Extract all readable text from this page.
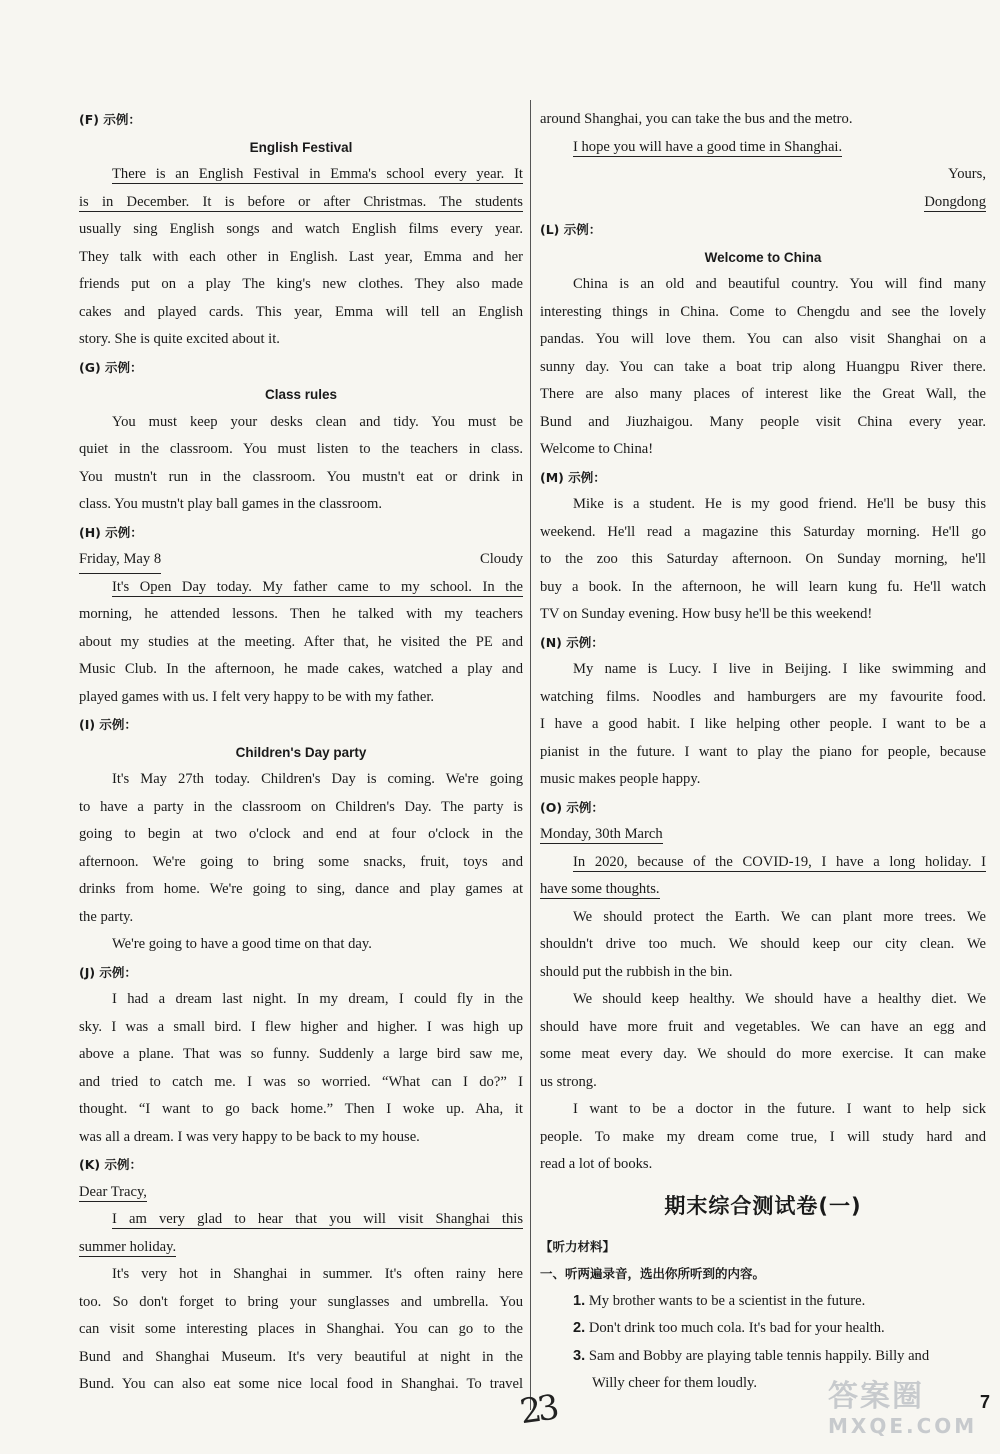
(F) 示例：
English Festival
There is an English Festival in Emma's school every year. It
is in December. It is before or after Christmas. The students
usually sing English songs and watch English films every year.
They talk with each other in English. Last year, Emma and her
friends put on a play The king's new clothes. They also made
cakes and played cards. This year, Emma will tell an English
story. She is quite excited about it.
(G) 示例：
Class rules
You must keep your desks clean and tidy. You must be
quiet in the classroom. You must listen to the teachers in class.
You mustn't run in the classroom. You mustn't eat or drink in
class. You mustn't play ball games in the classroom.
(H) 示例：
Friday, May 8	Cloudy
It's Open Day today. My father came to my school. In the
morning, he attended lessons. Then he talked with my teachers
about my studies at the meeting. After that, he visited the PE and
Music Club. In the afternoon, he made cakes, watched a play and
played games with us. I felt very happy to be with my father.
(I) 示例：
Children's Day party
It's May 27th today. Children's Day is coming. We're going
to have a party in the classroom on Children's Day. The party is
going to begin at two o'clock and end at four o'clock in the
afternoon. We're going to bring some snacks, fruit, toys and
drinks from home. We're going to sing, dance and play games at
the party.
We're going to have a good time on that day.
(J) 示例：
I had a dream last night. In my dream, I could fly in the
sky. I was a small bird. I flew higher and higher. I was high up
above a plane. That was so funny. Suddenly a large bird saw me,
and tried to catch me. I was so worried. “What can I do?” I
thought. “I want to go back home.” Then I woke up. Aha, it
was all a dream. I was very happy to be back to my house.
(K) 示例：
Dear Tracy,
I am very glad to hear that you will visit Shanghai this
summer holiday.
It's very hot in Shanghai in summer. It's often rainy here
too. So don't forget to bring your sunglasses and umbrella. You
can visit some interesting places in Shanghai. You can go to the
Bund and Shanghai Museum. It's very beautiful at night in the
Bund. You can also eat some nice local food in Shanghai. To travel
around Shanghai, you can take the bus and the metro.
I hope you will have a good time in Shanghai.
Yours,
Dongdong
(L) 示例：
Welcome to China
China is an old and beautiful country. You will find many
interesting things in China. Come to Chengdu and see the lovely
pandas. You will love them. You can also visit Shanghai on a
sunny day. You can take a boat trip along Huangpu River there.
There are also many places of interest like the Great Wall, the
Bund and Jiuzhaigou. Many people visit China every year.
Welcome to China!
(M) 示例：
Mike is a student. He is my good friend. He'll be busy this
weekend. He'll read a magazine this Saturday morning. He'll go
to the zoo this Saturday afternoon. On Sunday morning, he'll
buy a book. In the afternoon, he will learn kung fu. He'll watch
TV on Sunday evening. How busy he'll be this weekend!
(N) 示例：
My name is Lucy. I live in Beijing. I like swimming and
watching films. Noodles and hamburgers are my favourite food.
I have a good habit. I like helping other people. I want to be a
pianist in the future. I want to play the piano for people, because
music makes people happy.
(O) 示例：
Monday, 30th March
In 2020, because of the COVID-19, I have a long holiday. I
have some thoughts.
We should protect the Earth. We can plant more trees. We
shouldn't drive too much. We should keep our city clean. We
should put the rubbish in the bin.
We should keep healthy. We should have a healthy diet. We
should have more fruit and vegetables. We can have an egg and
some meat every day. We should do more exercise. It can make
us strong.
I want to be a doctor in the future. I want to help sick
people. To make my dream come true, I will study hard and
read a lot of books.
期末综合测试卷(一)
【听力材料】
一、听两遍录音，选出你所听到的内容。
1. My brother wants to be a scientist in the future.
2. Don't drink too much cola. It's bad for your health.
3. Sam and Bobby are playing table tennis happily. Billy and
Willy cheer for them loudly.
23	答案圈
MXQE.COM
7
